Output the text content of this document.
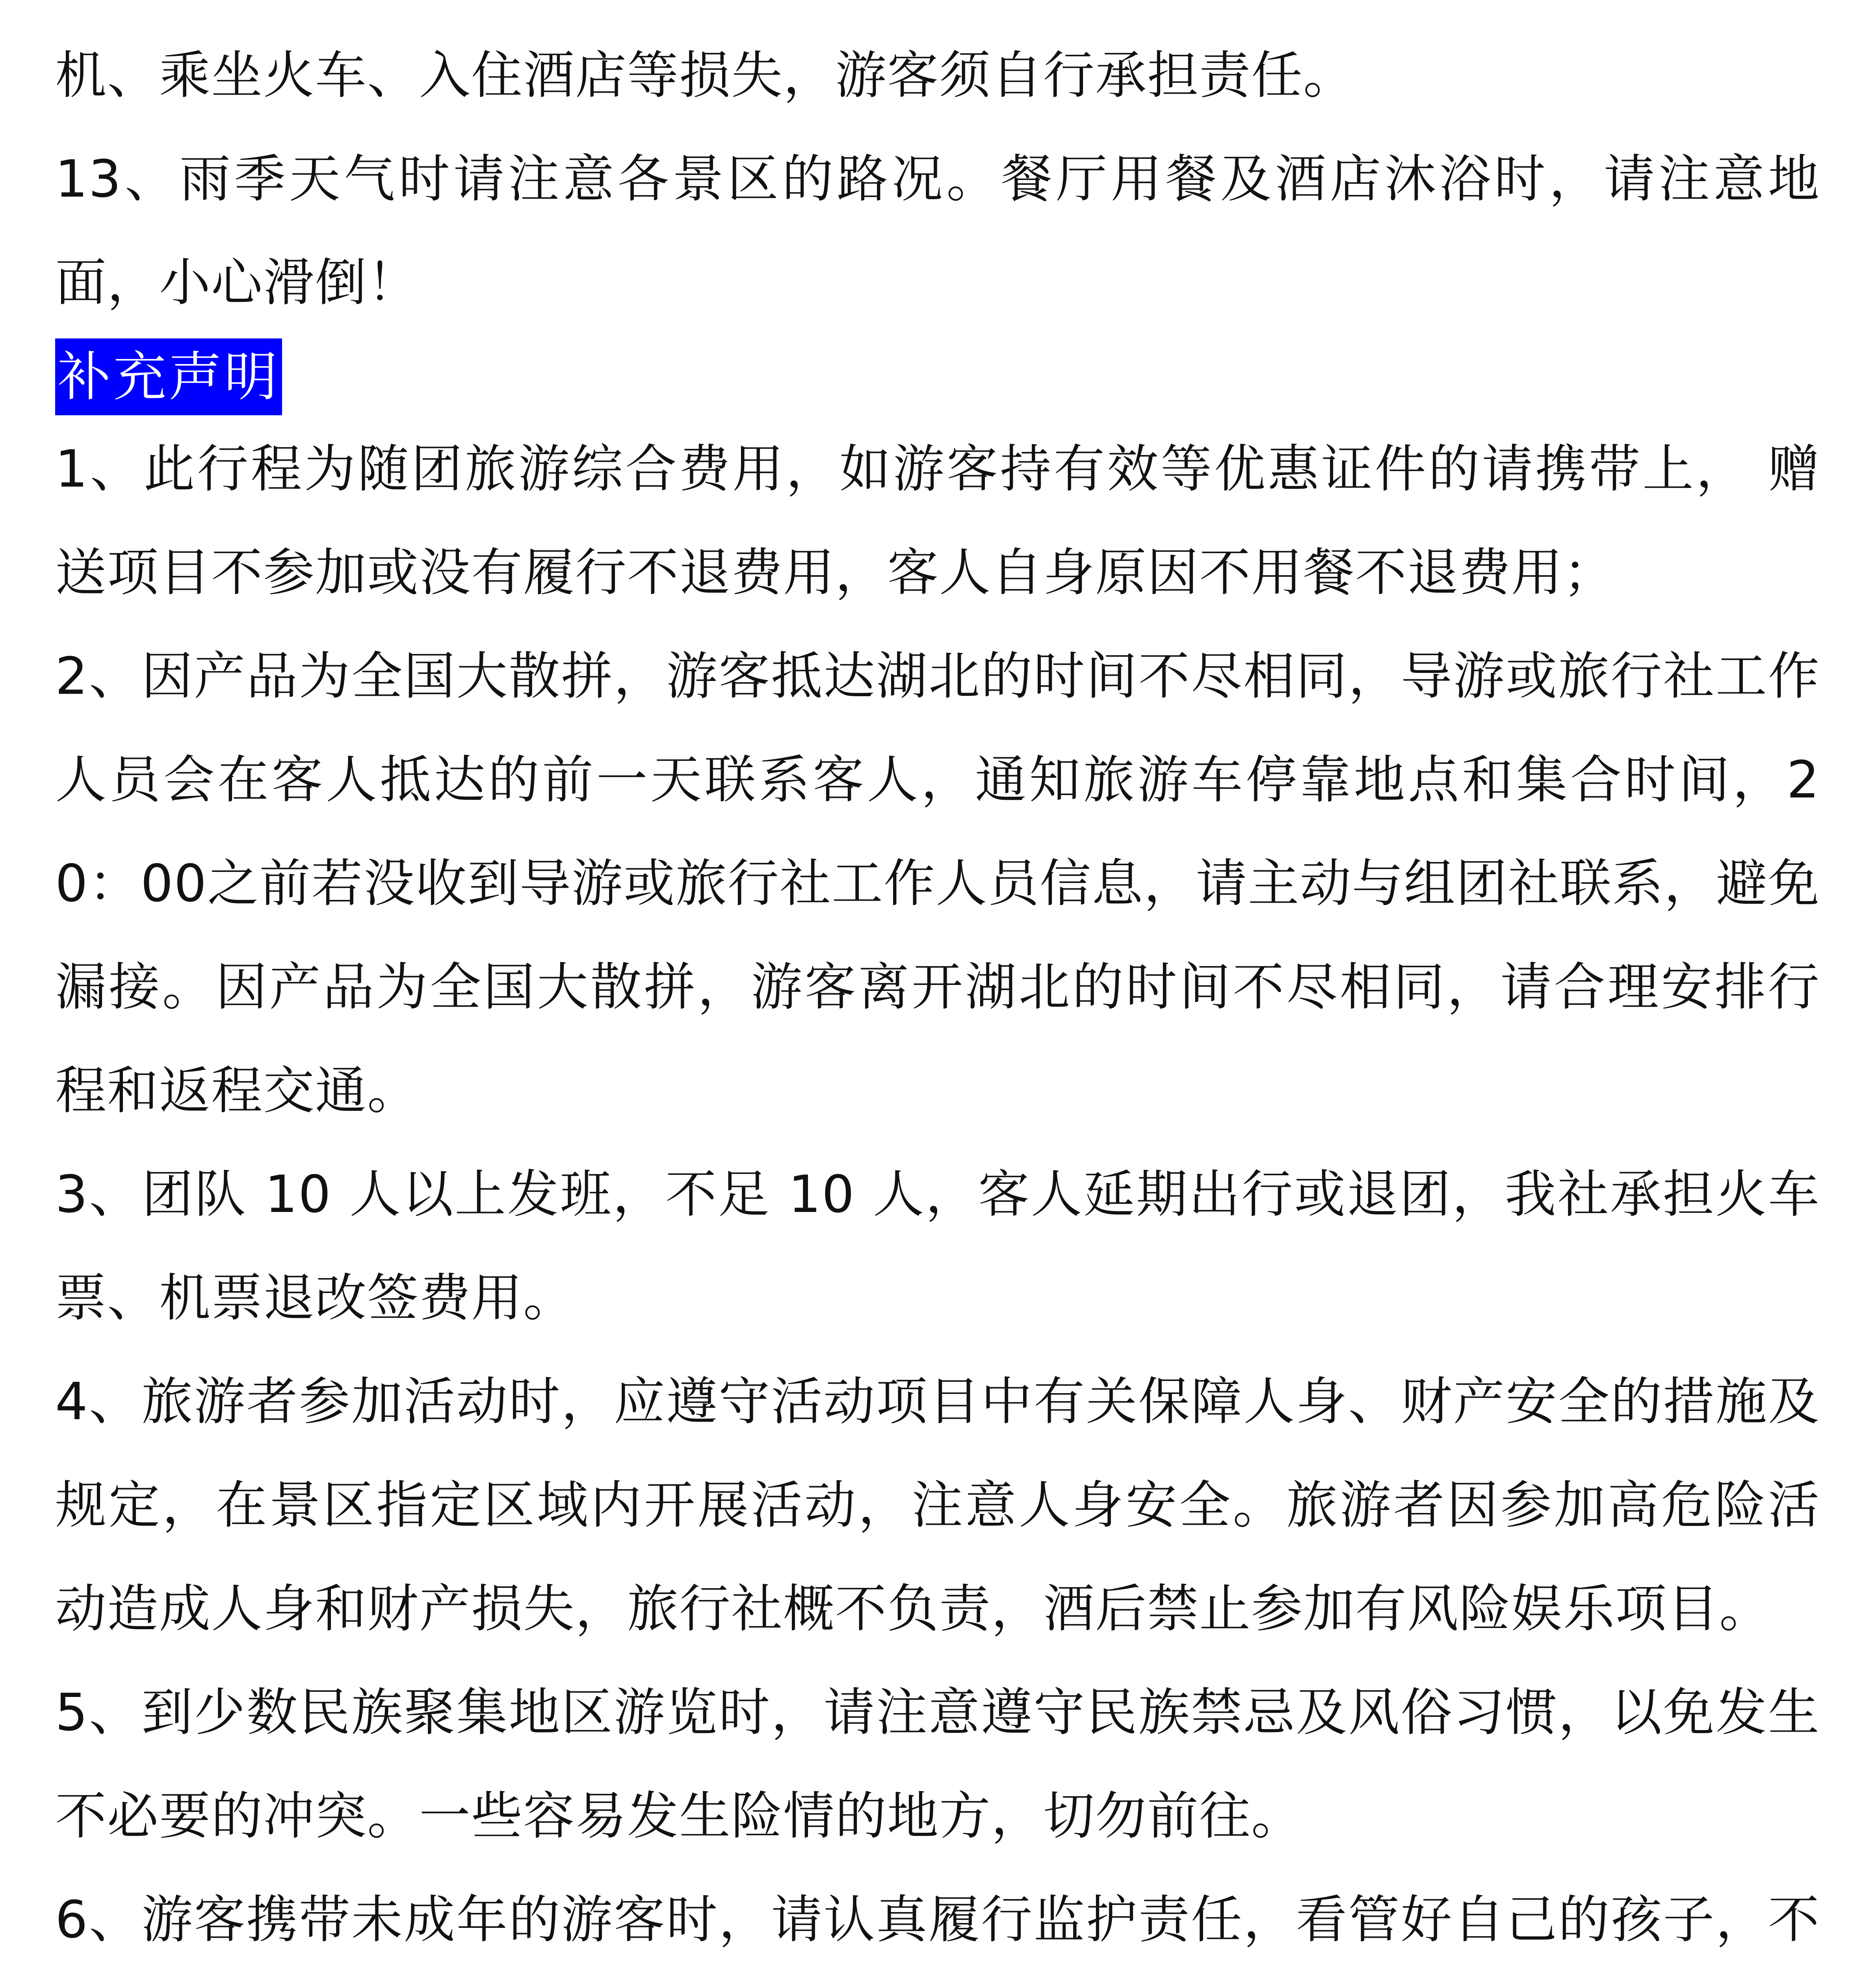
机、乘坐火车、入住酒店等损失，游客须自行承担责任。

13、雨季天气时请注意各景区的路况。餐厅用餐及酒店沐浴时，请注意地面，小心滑倒！

补充声明

1、此行程为随团旅游综合费用，如游客持有效等优惠证件的请携带上， 赠送项目不参加或没有履行不退费用，客人自身原因不用餐不退费用；

2、因产品为全国大散拼，游客抵达湖北的时间不尽相同，导游或旅行社工作人员会在客人抵达的前一天联系客人，通知旅游车停靠地点和集合时间，20：00之前若没收到导游或旅行社工作人员信息，请主动与组团社联系，避免漏接。因产品为全国大散拼，游客离开湖北的时间不尽相同，请合理安排行程和返程交通。

3、团队 10 人以上发班，不足 10 人，客人延期出行或退团，我社承担火车票、机票退改签费用。

4、旅游者参加活动时，应遵守活动项目中有关保障人身、财产安全的措施及规定，在景区指定区域内开展活动，注意人身安全。旅游者因参加高危险活动造成人身和财产损失，旅行社概不负责，酒后禁止参加有风险娱乐项目。

5、到少数民族聚集地区游览时，请注意遵守民族禁忌及风俗习惯，以免发生不必要的冲突。一些容易发生险情的地方，切勿前往。

6、游客携带未成年的游客时，请认真履行监护责任，看管好自己的孩子，不
